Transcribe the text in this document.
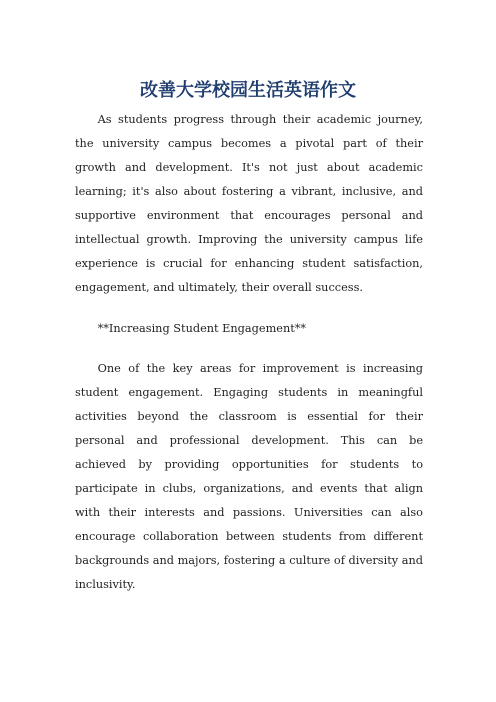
改善大学校园生活英语作文

As students progress through their academic journey, the university campus becomes a pivotal part of their growth and development. It's not just about academic learning; it's also about fostering a vibrant, inclusive, and supportive environment that encourages personal and intellectual growth. Improving the university campus life experience is crucial for enhancing student satisfaction, engagement, and ultimately, their overall success.

**Increasing Student Engagement**

One of the key areas for improvement is increasing student engagement. Engaging students in meaningful activities beyond the classroom is essential for their personal and professional development. This can be achieved by providing opportunities for students to participate in clubs, organizations, and events that align with their interests and passions. Universities can also encourage collaboration between students from different backgrounds and majors, fostering a culture of diversity and inclusivity.
